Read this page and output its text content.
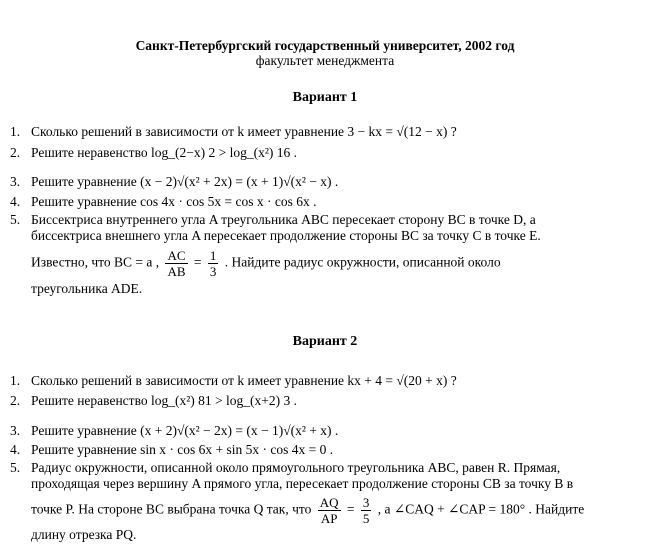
Санкт-Петербургский государственный университет, 2002 год
факультет менеджмента
Вариант 1
1. Сколько решений в зависимости от k имеет уравнение 3 − kx = √(12 − x) ?
2. Решите неравенство log_(2−x) 2 > log_(x²) 16 .
3. Решите уравнение (x − 2)√(x² + 2x) = (x + 1)√(x² − x) .
4. Решите уравнение cos 4x · cos 5x = cos x · cos 6x .
5. Биссектриса внутреннего угла A треугольника ABC пересекает сторону BC в точке D, а
биссектриса внешнего угла A пересекает продолжение стороны BC за точку C в точке E.
Известно, что BC = a , $\frac{AC}{AB} = \frac{1}{3}$ . Найдите радиус окружности, описанной около
треугольника ADE.
Вариант 2
1. Сколько решений в зависимости от k имеет уравнение kx + 4 = √(20 + x) ?
2. Решите неравенство log_(x²) 81 > log_(x+2) 3 .
3. Решите уравнение (x + 2)√(x² − 2x) = (x − 1)√(x² + x) .
4. Решите уравнение sin x · cos 6x + sin 5x · cos 4x = 0 .
5. Радиус окружности, описанной около прямоугольного треугольника ABC, равен R. Прямая,
проходящая через вершину A прямого угла, пересекает продолжение стороны CB за точку B в
точке P. На стороне BC выбрана точка Q так, что $\frac{AQ}{AP} = \frac{3}{5}$ , а ∠CAQ + ∠CAP = 180° . Найдите
длину отрезка PQ.
